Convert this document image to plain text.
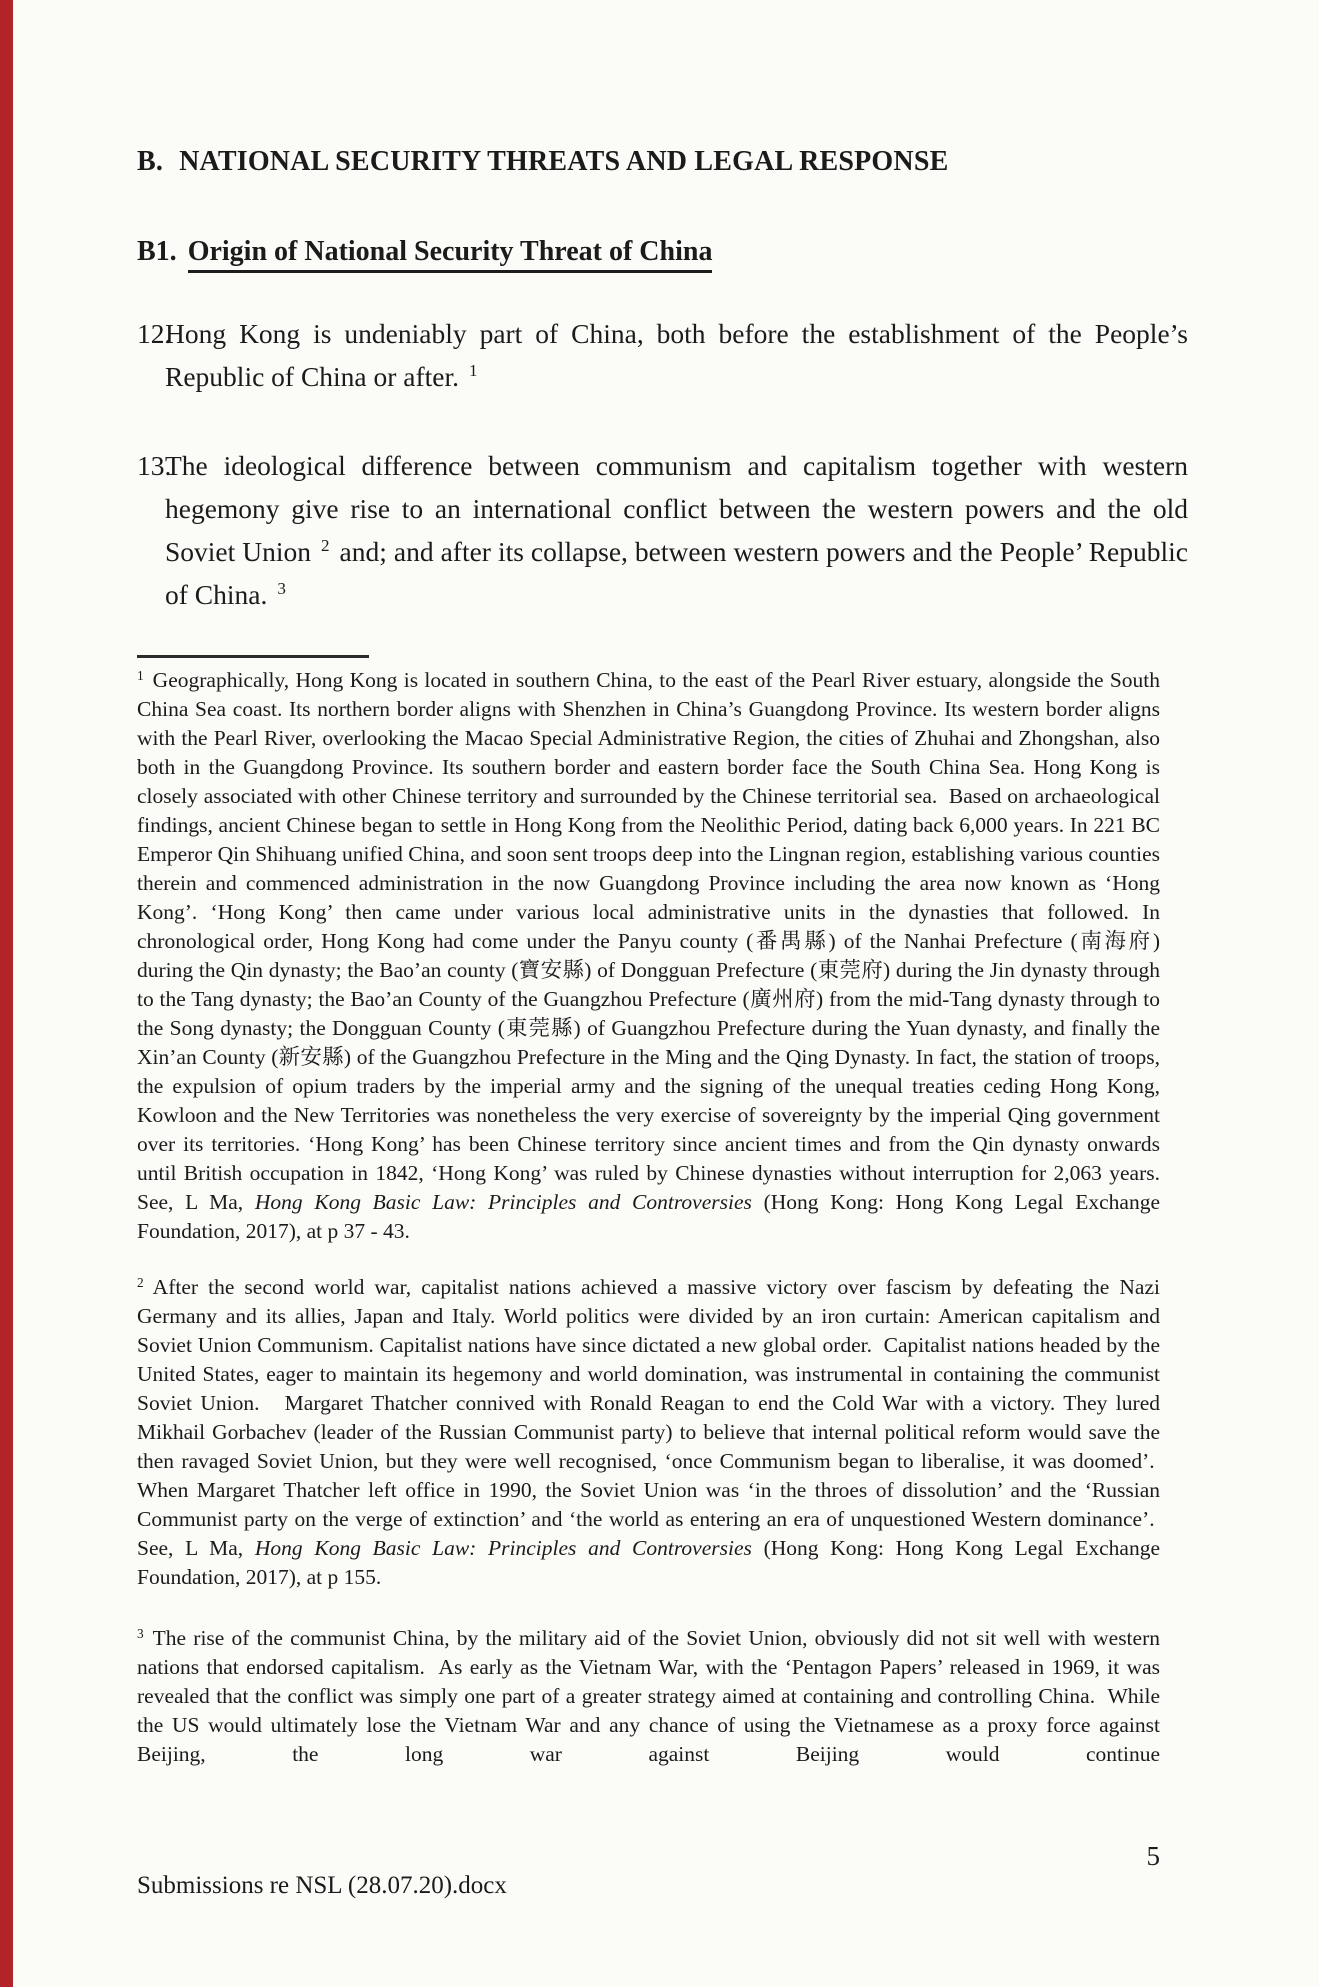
B. NATIONAL SECURITY THREATS AND LEGAL RESPONSE
B1. Origin of National Security Threat of China
12.
Hong Kong is undeniably part of China, both before the establishment of the People’s Republic of China or after. $^1$
13.
The ideological difference between communism and capitalism together with western hegemony give rise to an international conflict between the western powers and the old Soviet Union $^2$ and; and after its collapse, between western powers and the People’ Republic of China. $^3$

$^1$ Geographically, Hong Kong is located in southern China, to the east of the Pearl River estuary, alongside the South China Sea coast. Its northern border aligns with Shenzhen in China’s Guangdong Province. Its western border aligns with the Pearl River, overlooking the Macao Special Administrative Region, the cities of Zhuhai and Zhongshan, also both in the Guangdong Province. Its southern border and eastern border face the South China Sea. Hong Kong is closely associated with other Chinese territory and surrounded by the Chinese territorial sea.  Based on archaeological findings, ancient Chinese began to settle in Hong Kong from the Neolithic Period, dating back 6,000 years. In 221 BC Emperor Qin Shihuang unified China, and soon sent troops deep into the Lingnan region, establishing various counties therein and commenced administration in the now Guangdong Province including the area now known as ‘Hong Kong’. ‘Hong Kong’ then came under various local administrative units in the dynasties that followed. In chronological order, Hong Kong had come under the Panyu county (番禺縣) of the Nanhai Prefecture (南海府) during the Qin dynasty; the Bao’an county (寶安縣) of Dongguan Prefecture (東莞府) during the Jin dynasty through to the Tang dynasty; the Bao’an County of the Guangzhou Prefecture (廣州府) from the mid-Tang dynasty through to the Song dynasty; the Dongguan County (東莞縣) of Guangzhou Prefecture during the Yuan dynasty, and finally the Xin’an County (新安縣) of the Guangzhou Prefecture in the Ming and the Qing Dynasty. In fact, the station of troops, the expulsion of opium traders by the imperial army and the signing of the unequal treaties ceding Hong Kong, Kowloon and the New Territories was nonetheless the very exercise of sovereignty by the imperial Qing government over its territories. ‘Hong Kong’ has been Chinese territory since ancient times and from the Qin dynasty onwards until British occupation in 1842, ‘Hong Kong’ was ruled by Chinese dynasties without interruption for 2,063 years. See, L Ma, Hong Kong Basic Law: Principles and Controversies (Hong Kong: Hong Kong Legal Exchange Foundation, 2017), at p 37 - 43.

$^2$ After the second world war, capitalist nations achieved a massive victory over fascism by defeating the Nazi Germany and its allies, Japan and Italy. World politics were divided by an iron curtain: American capitalism and Soviet Union Communism. Capitalist nations have since dictated a new global order.  Capitalist nations headed by the United States, eager to maintain its hegemony and world domination, was instrumental in containing the communist Soviet Union.   Margaret Thatcher connived with Ronald Reagan to end the Cold War with a victory. They lured Mikhail Gorbachev (leader of the Russian Communist party) to believe that internal political reform would save the then ravaged Soviet Union, but they were well recognised, ‘once Communism began to liberalise, it was doomed’.  When Margaret Thatcher left office in 1990, the Soviet Union was ‘in the throes of dissolution’ and the ‘Russian Communist party on the verge of extinction’ and ‘the world as entering an era of unquestioned Western dominance’.  See, L Ma, Hong Kong Basic Law: Principles and Controversies (Hong Kong: Hong Kong Legal Exchange Foundation, 2017), at p 155.

$^3$ The rise of the communist China, by the military aid of the Soviet Union, obviously did not sit well with western nations that endorsed capitalism.  As early as the Vietnam War, with the ‘Pentagon Papers’ released in 1969, it was revealed that the conflict was simply one part of a greater strategy aimed at containing and controlling China.  While the US would ultimately lose the Vietnam War and any chance of using the Vietnamese as a proxy force against Beijing, the long war against Beijing would continue

5
Submissions re NSL (28.07.20).docx
